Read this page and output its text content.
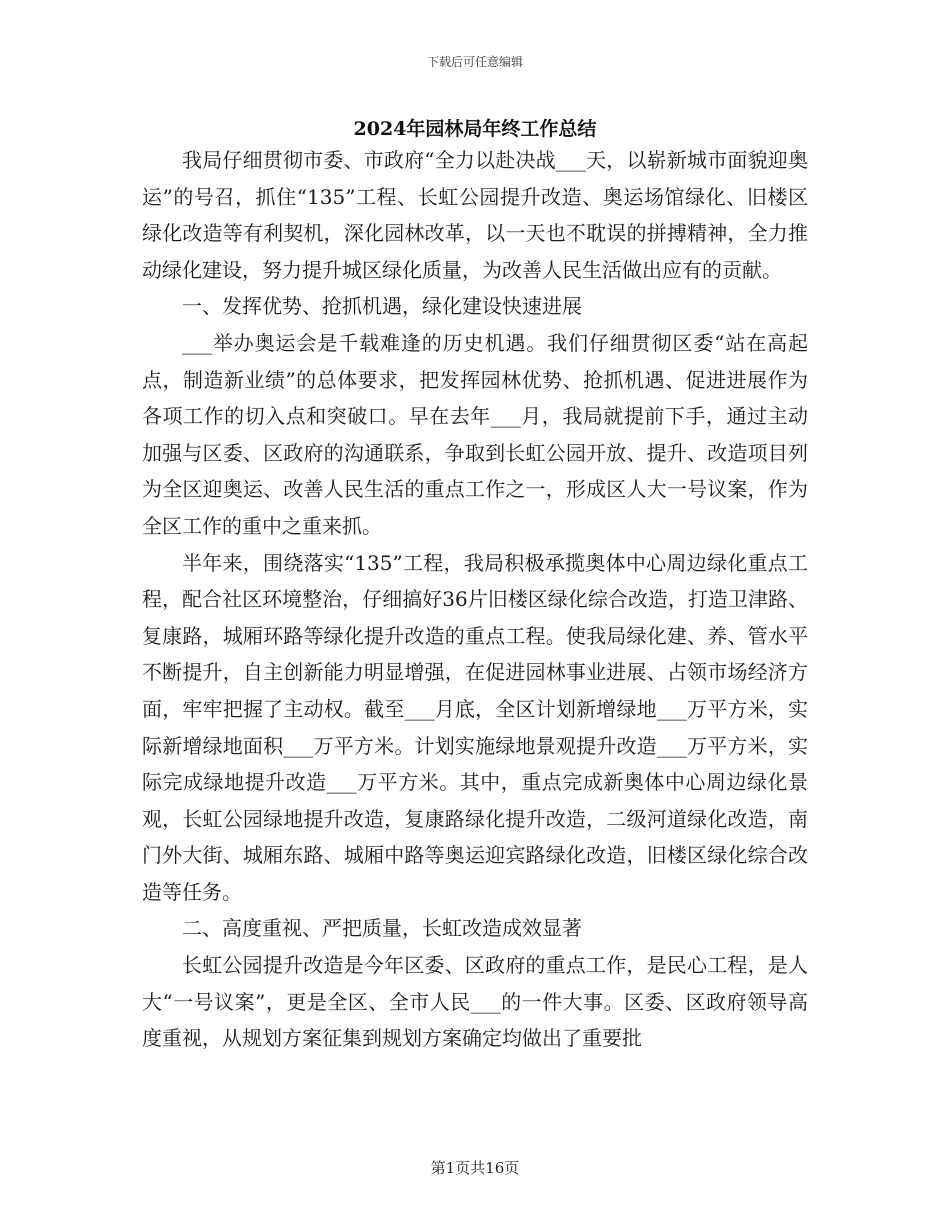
下载后可任意编辑
2024年园林局年终工作总结

我局仔细贯彻市委、市政府“全力以赴决战___天，以崭新城市面貌迎奥运”的号召，抓住“135”工程、长虹公园提升改造、奥运场馆绿化、旧楼区绿化改造等有利契机，深化园林改革，以一天也不耽误的拼搏精神，全力推动绿化建设，努力提升城区绿化质量，为改善人民生活做出应有的贡献。

一、发挥优势、抢抓机遇，绿化建设快速进展

___举办奥运会是千载难逢的历史机遇。我们仔细贯彻区委“站在高起点，制造新业绩”的总体要求，把发挥园林优势、抢抓机遇、促进进展作为各项工作的切入点和突破口。早在去年___月，我局就提前下手，通过主动加强与区委、区政府的沟通联系，争取到长虹公园开放、提升、改造项目列为全区迎奥运、改善人民生活的重点工作之一，形成区人大一号议案，作为全区工作的重中之重来抓。

半年来，围绕落实“135”工程，我局积极承揽奥体中心周边绿化重点工程，配合社区环境整治，仔细搞好36片旧楼区绿化综合改造，打造卫津路、复康路，城厢环路等绿化提升改造的重点工程。使我局绿化建、养、管水平不断提升，自主创新能力明显增强，在促进园林事业进展、占领市场经济方面，牢牢把握了主动权。截至___月底，全区计划新增绿地___万平方米，实际新增绿地面积___万平方米。计划实施绿地景观提升改造___万平方米，实际完成绿地提升改造___万平方米。其中，重点完成新奥体中心周边绿化景观，长虹公园绿地提升改造，复康路绿化提升改造，二级河道绿化改造，南门外大街、城厢东路、城厢中路等奥运迎宾路绿化改造，旧楼区绿化综合改造等任务。

二、高度重视、严把质量，长虹改造成效显著

长虹公园提升改造是今年区委、区政府的重点工作，是民心工程，是人大“一号议案”，更是全区、全市人民___的一件大事。区委、区政府领导高度重视，从规划方案征集到规划方案确定均做出了重要批

第1页共16页
